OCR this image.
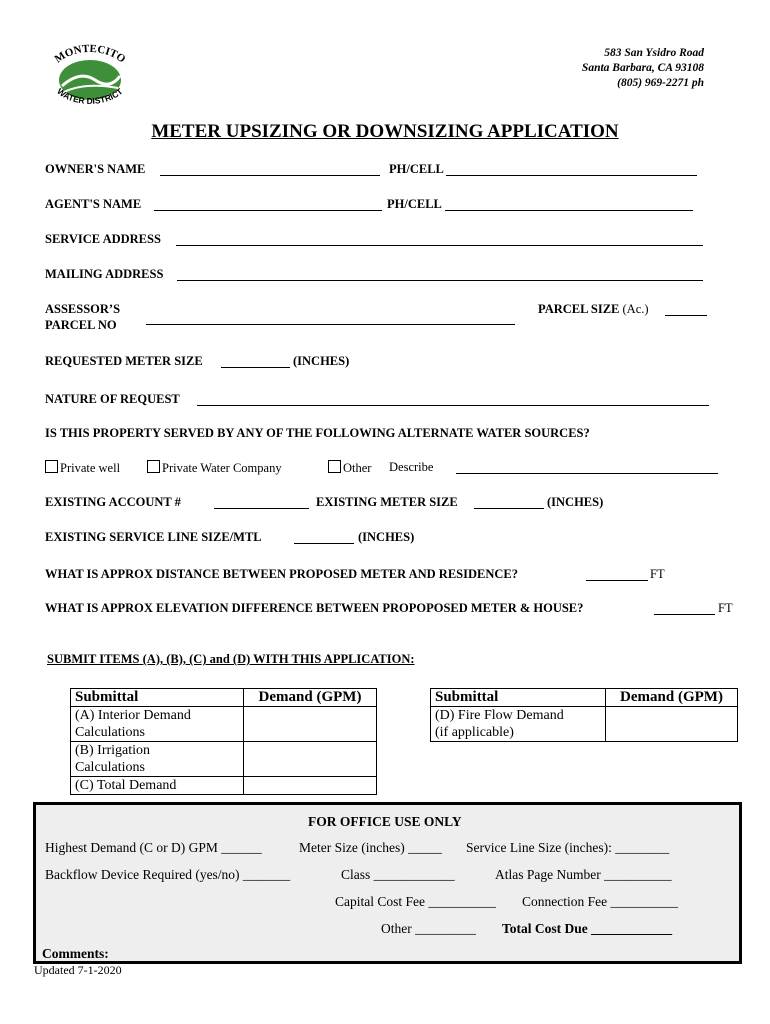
MONTECITO
WATER DISTRICT
583 San Ysidro Road
Santa Barbara, CA 93108
(805) 969-2271 ph
METER UPSIZING OR DOWNSIZING APPLICATION
OWNER'S NAME	PH/CELL
AGENT'S NAME	PH/CELL
SERVICE ADDRESS
MAILING ADDRESS
ASSESSOR’S
PARCEL NO
PARCEL SIZE (Ac.)
REQUESTED METER SIZE	(INCHES)
NATURE OF REQUEST
IS THIS PROPERTY SERVED BY ANY OF THE FOLLOWING ALTERNATE WATER SOURCES?
Private well	Private Water Company	Other Describe
EXISTING ACCOUNT #	EXISTING METER SIZE	(INCHES)
EXISTING SERVICE LINE SIZE/MTL	(INCHES)
WHAT IS APPROX DISTANCE BETWEEN PROPOSED METER AND RESIDENCE?	FT
WHAT IS APPROX ELEVATION DIFFERENCE BETWEEN PROPOPOSED METER & HOUSE?	FT
SUBMIT ITEMS (A), (B), (C) and (D) WITH THIS APPLICATION:
Submittal	Demand (GPM)
(A) Interior Demand
Calculations	
(B) Irrigation
Calculations	
(C) Total Demand	
Submittal	Demand (GPM)
(D) Fire Flow Demand
(if applicable)	
FOR OFFICE USE ONLY
Highest Demand (C or D) GPM ______	Meter Size (inches) _____ Service Line Size (inches): ________
Backflow Device Required (yes/no) _______	Class ____________	Atlas Page Number __________
Capital Cost Fee __________ Connection Fee __________
Other _________ Total Cost Due ____________
Comments:
Updated 7-1-2020
